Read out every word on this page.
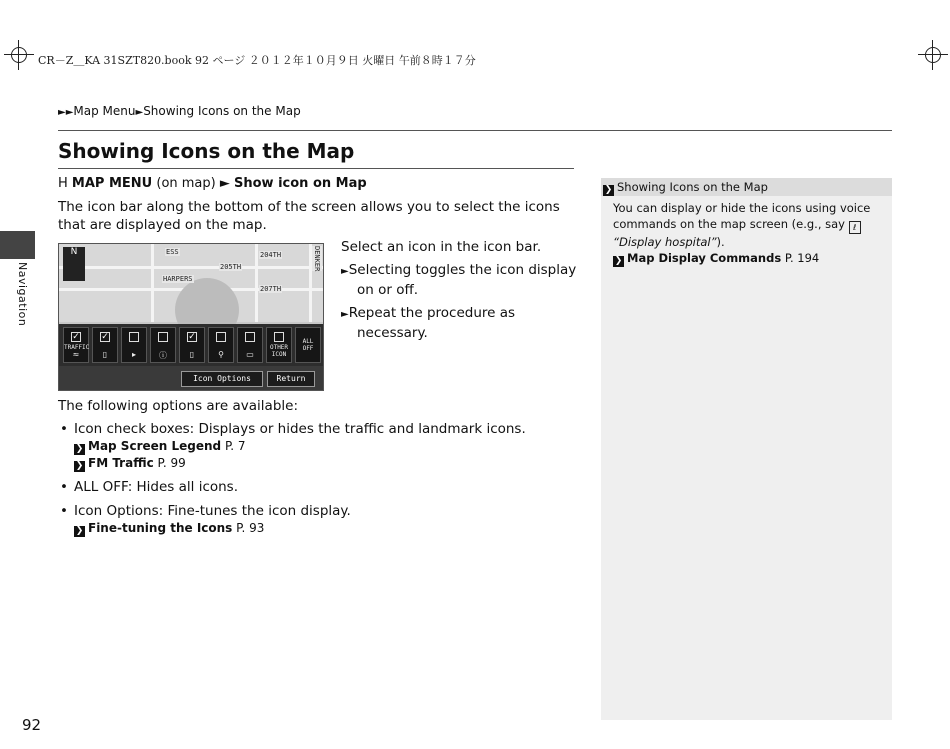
CR－Z＿KA 31SZT820.book 92 ページ ２０１２年１０月９日 火曜日 午前８時１７分
►►Map Menu►Showing Icons on the Map
Showing Icons on the Map
H MAP MENU (on map) ► Show icon on Map
The icon bar along the bottom of the screen allows you to select the icons that are displayed on the map.
N	ESS
HARPERS
205TH
204TH
207TH
DENKER
✓
TRAFFIC
≈
✓
▯	▸	ⓘ
✓
▯	⚲	▭
OTHER ICON
ALL OFF
Icon Options	Return

Select an icon in the icon bar.

►Selecting toggles the icon display on or off.

►Repeat the procedure as necessary.

The following options are available:
• Icon check boxes: Displays or hides the traffic and landmark icons.
❯ Map Screen Legend P. 7
❯ FM Traffic P. 99
• ALL OFF: Hides all icons.
• Icon Options: Fine-tunes the icon display.
❯ Fine-tuning the Icons P. 93
Navigation
❯ Showing Icons on the Map
You can display or hide the icons using voice commands on the map screen (e.g., say ℓ
“Display hospital”).
❯ Map Display Commands P. 194
92
